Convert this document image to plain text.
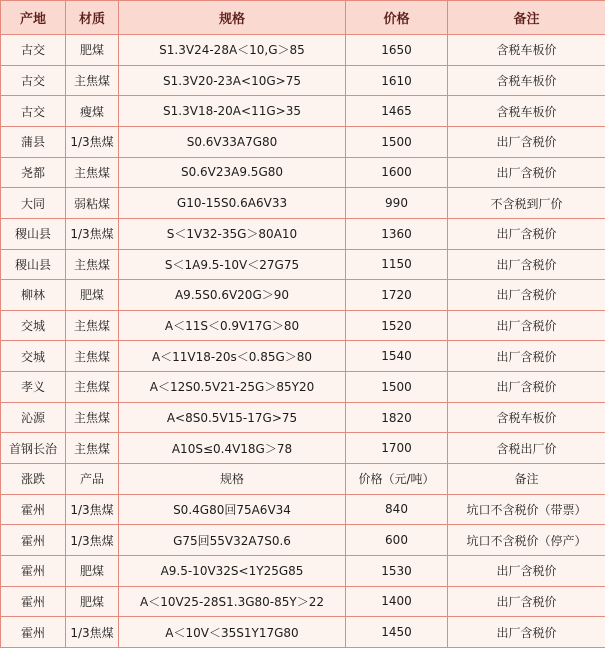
产地	材质	规格	价格	备注
古交	肥煤	S1.3V24-28A＜10,G＞85	1650	含税车板价
古交	主焦煤	S1.3V20-23A<10G>75	1610	含税车板价
古交	瘦煤	S1.3V18-20A<11G>35	1465	含税车板价
蒲县	1/3焦煤	S0.6V33A7G80	1500	出厂含税价
尧都	主焦煤	S0.6V23A9.5G80	1600	出厂含税价
大同	弱粘煤	G10-15S0.6A6V33	990	不含税到厂价
稷山县	1/3焦煤	S＜1V32-35G＞80A10	1360	出厂含税价
稷山县	主焦煤	S＜1A9.5-10V＜27G75	1150	出厂含税价
柳林	肥煤	A9.5S0.6V20G＞90	1720	出厂含税价
交城	主焦煤	A＜11S＜0.9V17G＞80	1520	出厂含税价
交城	主焦煤	A＜11V18-20s＜0.85G＞80	1540	出厂含税价
孝义	主焦煤	A＜12S0.5V21-25G＞85Y20	1500	出厂含税价
沁源	主焦煤	A<8S0.5V15-17G>75	1820	含税车板价
首钢长治	主焦煤	A10S≤0.4V18G＞78	1700	含税出厂价
涨跌	产品	规格	价格（元/吨）	备注
霍州	1/3焦煤	S0.4G80回75A6V34	840	坑口不含税价（带票）
霍州	1/3焦煤	G75回55V32A7S0.6	600	坑口不含税价（停产）
霍州	肥煤	A9.5-10V32S<1Y25G85	1530	出厂含税价
霍州	肥煤	A＜10V25-28S1.3G80-85Y＞22	1400	出厂含税价
霍州	1/3焦煤	A＜10V＜35S1Y17G80	1450	出厂含税价
